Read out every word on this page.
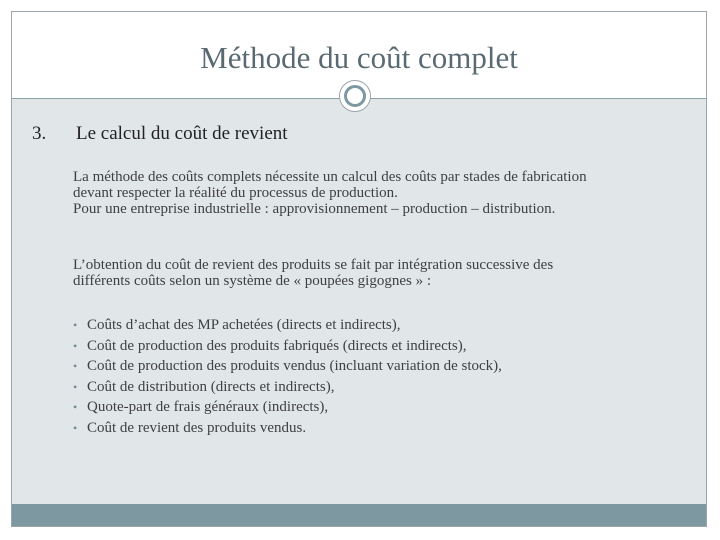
Méthode du coût complet
3. Le calcul du coût de revient
La méthode des coûts complets nécessite un calcul des coûts par stades de fabrication
devant respecter la réalité du processus de production.
Pour une entreprise industrielle : approvisionnement – production – distribution.
L’obtention du coût de revient des produits se fait par intégration successive des
différents coûts selon un système de « poupées gigognes » :
• Coûts d’achat des MP achetées (directs et indirects),
• Coût de production des produits fabriqués (directs et indirects),
• Coût de production des produits vendus (incluant variation de stock),
• Coût de distribution (directs et indirects),
• Quote-part de frais généraux (indirects),
• Coût de revient des produits vendus.
